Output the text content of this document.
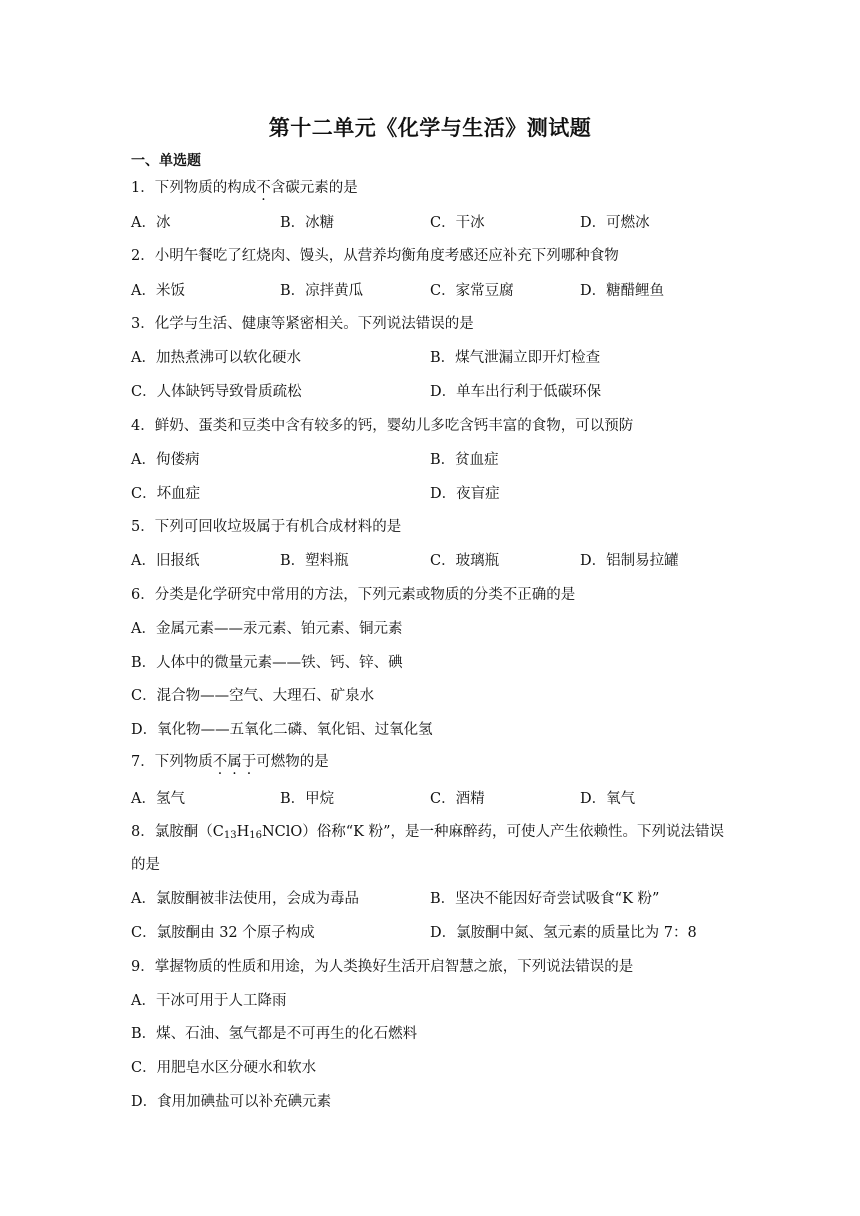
第十二单元《化学与生活》测试题
一、单选题
1．下列物质的构成不含碳元素的是
A．冰	B．冰糖	C．干冰	D．可燃冰
2．小明午餐吃了红烧肉、馒头，从营养均衡角度考感还应补充下列哪种食物
A．米饭	B．凉拌黄瓜	C．家常豆腐	D．糖醋鲤鱼
3．化学与生活、健康等紧密相关。下列说法错误的是
A．加热煮沸可以软化硬水	B．煤气泄漏立即开灯检查
C．人体缺钙导致骨质疏松	D．单车出行利于低碳环保
4．鲜奶、蛋类和豆类中含有较多的钙，婴幼儿多吃含钙丰富的食物，可以预防
A．佝偻病	B．贫血症
C．坏血症	D．夜盲症
5．下列可回收垃圾属于有机合成材料的是
A．旧报纸	B．塑料瓶	C．玻璃瓶	D．铝制易拉罐
6．分类是化学研究中常用的方法，下列元素或物质的分类不正确的是
A．金属元素——汞元素、铂元素、铜元素
B．人体中的微量元素——铁、钙、锌、碘
C．混合物——空气、大理石、矿泉水
D．氧化物——五氧化二磷、氧化铝、过氧化氢
7．下列物质不属于可燃物的是
A．氢气	B．甲烷	C．酒精	D．氧气
8．氯胺酮$(C_{13}H_{16}NClO)$俗称“K 粉”，是一种麻醉药，可使人产生依赖性。下列说法错误
的是
A．氯胺酮被非法使用，会成为毒品	B．坚决不能因好奇尝试吸食“K 粉”
C．氯胺酮由 32 个原子构成	D．氯胺酮中氮、氢元素的质量比为 7：8
9．掌握物质的性质和用途，为人类换好生活开启智慧之旅，下列说法错误的是
A．干冰可用于人工降雨
B．煤、石油、氢气都是不可再生的化石燃料
C．用肥皂水区分硬水和软水
D．食用加碘盐可以补充碘元素
